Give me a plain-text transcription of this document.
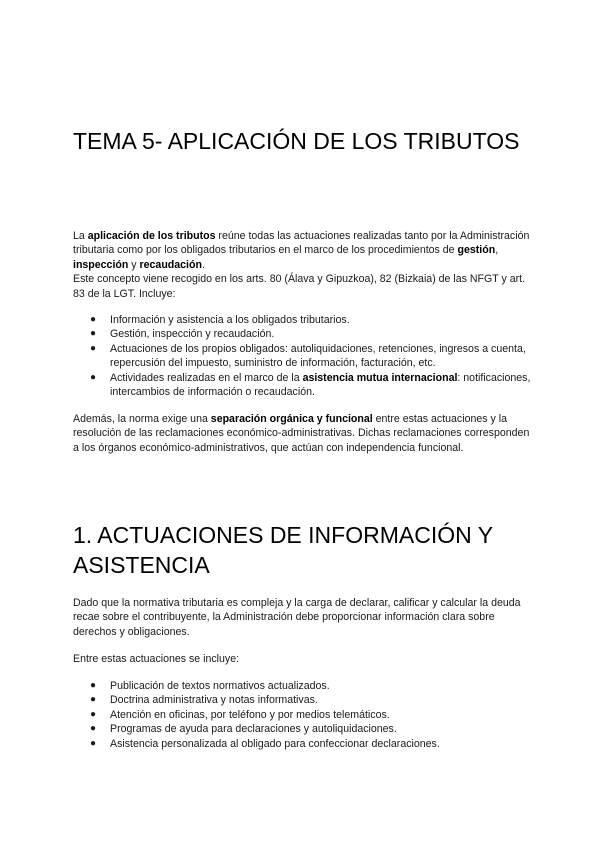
TEMA 5- APLICACIÓN DE LOS TRIBUTOS

La aplicación de los tributos reúne todas las actuaciones realizadas tanto por la Administración tributaria como por los obligados tributarios en el marco de los procedimientos de gestión, inspección y recaudación.
Este concepto viene recogido en los arts. 80 (Álava y Gipuzkoa), 82 (Bizkaia) de las NFGT y art. 83 de la LGT. Incluye:

● Información y asistencia a los obligados tributarios.
● Gestión, inspección y recaudación.
● Actuaciones de los propios obligados: autoliquidaciones, retenciones, ingresos a cuenta, repercusión del impuesto, suministro de información, facturación, etc.
● Actividades realizadas en el marco de la asistencia mutua internacional: notificaciones, intercambios de información o recaudación.

Además, la norma exige una separación orgánica y funcional entre estas actuaciones y la resolución de las reclamaciones económico-administrativas. Dichas reclamaciones corresponden a los órganos económico-administrativos, que actúan con independencia funcional.

1. ACTUACIONES DE INFORMACIÓN Y ASISTENCIA

Dado que la normativa tributaria es compleja y la carga de declarar, calificar y calcular la deuda recae sobre el contribuyente, la Administración debe proporcionar información clara sobre derechos y obligaciones.

Entre estas actuaciones se incluye:

● Publicación de textos normativos actualizados.
● Doctrina administrativa y notas informativas.
● Atención en oficinas, por teléfono y por medios telemáticos.
● Programas de ayuda para declaraciones y autoliquidaciones.
● Asistencia personalizada al obligado para confeccionar declaraciones.
